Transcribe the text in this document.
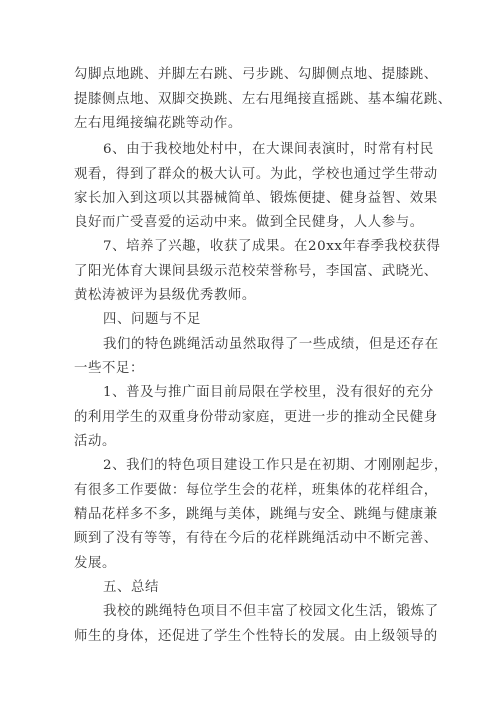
勾脚点地跳、并脚左右跳、弓步跳、勾脚侧点地、提膝跳、
提膝侧点地、双脚交换跳、左右甩绳接直摇跳、基本编花跳、
左右甩绳接编花跳等动作。
6、由于我校地处村中，在大课间表演时，时常有村民
观看，得到了群众的极大认可。为此，学校也通过学生带动
家长加入到这项以其器械简单、锻炼便捷、健身益智、效果
良好而广受喜爱的运动中来。做到全民健身，人人参与。
7、培养了兴趣，收获了成果。在20xx年春季我校获得
了阳光体育大课间县级示范校荣誉称号，李国富、武晓光、
黄松涛被评为县级优秀教师。
四、问题与不足
我们的特色跳绳活动虽然取得了一些成绩，但是还存在
一些不足：
1、普及与推广面目前局限在学校里，没有很好的充分
的利用学生的双重身份带动家庭，更进一步的推动全民健身
活动。
2、我们的特色项目建设工作只是在初期、才刚刚起步，
有很多工作要做：每位学生会的花样，班集体的花样组合，
精品花样多不多，跳绳与美体，跳绳与安全、跳绳与健康兼
顾到了没有等等，有待在今后的花样跳绳活动中不断完善、
发展。
五、总结
我校的跳绳特色项目不但丰富了校园文化生活，锻炼了
师生的身体，还促进了学生个性特长的发展。由上级领导的
